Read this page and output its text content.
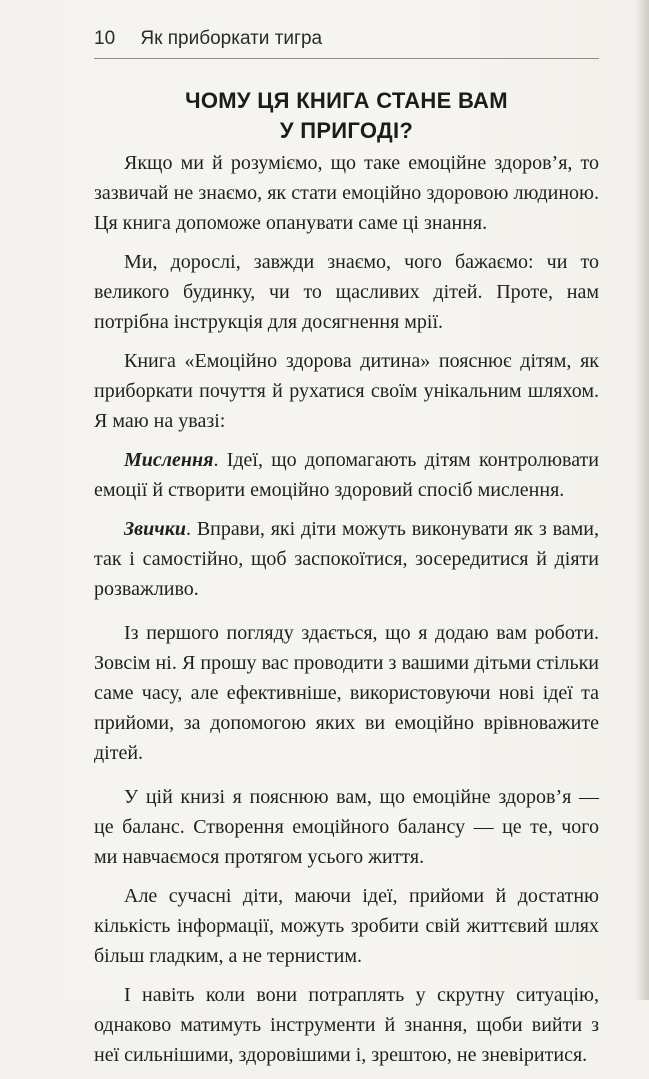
10 Як приборкати тигра
ЧОМУ ЦЯ КНИГА СТАНЕ ВАМ
У ПРИГОДІ?

Якщо ми й розуміємо, що таке емоційне здоров’я, то зазвичай не знаємо, як стати емоційно здоровою людиною. Ця книга допоможе опанувати саме ці знання.

Ми, дорослі, завжди знаємо, чого бажаємо: чи то великого будинку, чи то щасливих дітей. Проте, нам потрібна інструкція для досягнення мрії.

Книга «Емоційно здорова дитина» пояснює дітям, як приборкати почуття й рухатися своїм унікальним шляхом. Я маю на увазі:

Мислення. Ідеї, що допомагають дітям контролювати емоції й створити емоційно здоровий спосіб мислення.

Звички. Вправи, які діти можуть виконувати як з вами, так і самостійно, щоб заспокоїтися, зосередитися й діяти розважливо.

Із першого погляду здається, що я додаю вам роботи. Зовсім ні. Я прошу вас проводити з вашими дітьми стільки саме часу, але ефективніше, використовуючи нові ідеї та прийоми, за допомогою яких ви емоційно врівноважите дітей.

У цій книзі я пояснюю вам, що емоційне здоров’я — це баланс. Створення емоційного балансу — це те, чого ми навчаємося протягом усього життя.

Але сучасні діти, маючи ідеї, прийоми й достатню кількість інформації, можуть зробити свій життєвий шлях більш гладким, а не тернистим.

І навіть коли вони потраплять у скрутну ситуацію, однаково матимуть інструменти й знання, щоби вийти з неї сильнішими, здоровішими і, зрештою, не зневіритися.
